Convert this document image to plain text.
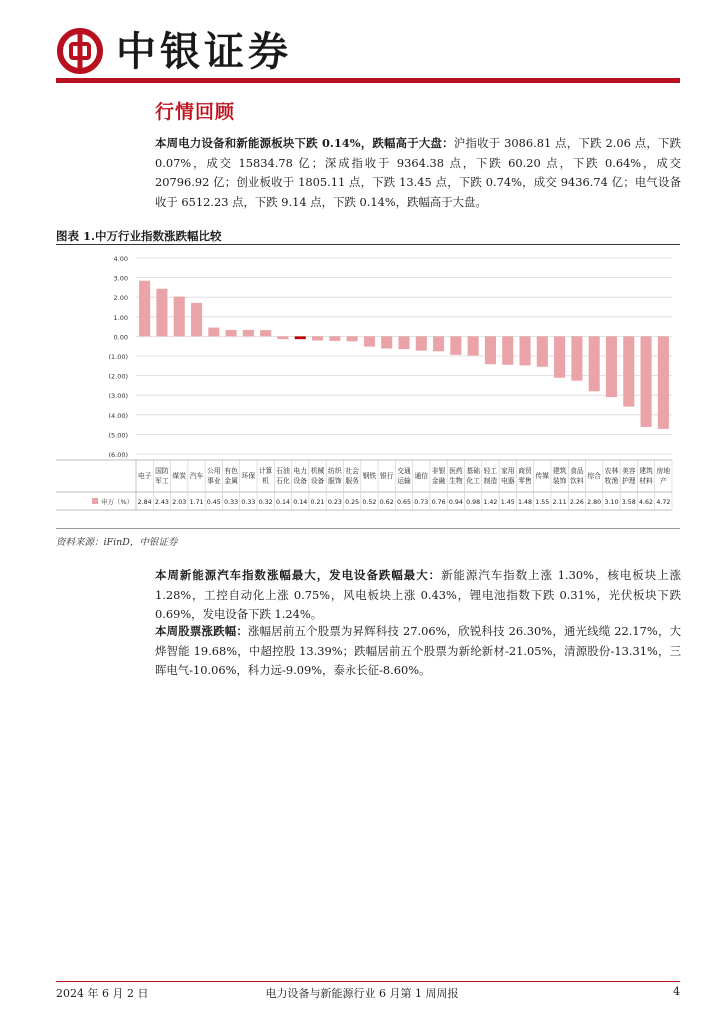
中银证券
行情回顾
本周电力设备和新能源板块下跌 0.14%，跌幅高于大盘：沪指收于 3086.81 点，下跌 2.06 点，下跌 0.07%，成交 15834.78 亿；深成指收于 9364.38 点，下跌 60.20 点，下跌 0.64%，成交 20796.92 亿；创业板收于 1805.11 点，下跌 13.45 点，下跌 0.74%，成交 9436.74 亿；电气设备收于 6512.23 点，下跌 9.14 点，下跌 0.14%，跌幅高于大盘。
图表 1.中万行业指数涨跌幅比较
4.00
3.00
2.00
1.00
0.00
(1.00)
(2.00)
(3.00)
(4.00)
(5.00)
(6.00)
申万（%）
电子
2.84
国防
军工
2.43
煤炭
2.03
汽车
1.71
公用
事业
0.45
有色
金属
0.33
环保
0.33
计算
机
0.32
石油
石化
0.14
电力
设备
0.14
机械
设备
0.21
纺织
服饰
0.23
社会
服务
0.25
钢铁
0.52
银行
0.62
交通
运输
0.65
通信
0.73
非银
金融
0.76
医药
生物
0.94
基础
化工
0.98
轻工
制造
1.42
家用
电器
1.45
商贸
零售
1.48
传媒
1.55
建筑
装饰
2.11
食品
饮料
2.26
综合
2.80
农林
牧渔
3.10
美容
护理
3.58
建筑
材料
4.62
房地
产
4.72
资料来源：iFinD，中银证券
本周新能源汽车指数涨幅最大，发电设备跌幅最大：新能源汽车指数上涨 1.30%，核电板块上涨 1.28%，工控自动化上涨 0.75%，风电板块上涨 0.43%，锂电池指数下跌 0.31%，光伏板块下跌 0.69%，发电设备下跌 1.24%。
本周股票涨跌幅：涨幅居前五个股票为昇辉科技 27.06%，欣锐科技 26.30%，通光线缆 22.17%，大烨智能 19.68%，中超控股 13.39%；跌幅居前五个股票为新纶新材-21.05%，清源股份-13.31%，三晖电气-10.06%，科力远-9.09%，泰永长征-8.60%。
2024 年 6 月 2 日	电力设备与新能源行业 6 月第 1 周周报	4
